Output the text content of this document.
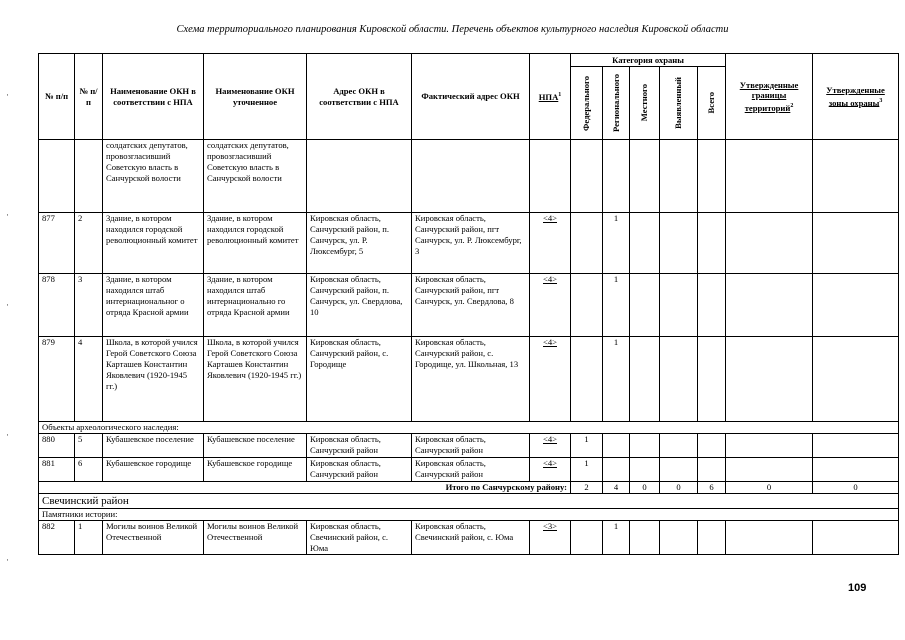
Схема территориального планирования Кировской области. Перечень объектов культурного наследия Кировской области
·
·
·
·
·
№ п/п	№ п/п	Наименование ОКН в соответствии с НПА	Наименование ОКН уточненное	Адрес ОКН в соответствии с НПА	Фактический адрес ОКН	НПА$^1$	Категория охраны					Утвержденные границы территорий$^2$	Утвержденные зоны охраны$^3$

							Федерального	Регионального	Местного	Выявленный	Всего		

		солдатских депутатов, провозгласивший Советскую власть в Санчурской волости	солдатских депутатов, провозгласивший Советскую власть в Санчурской волости										
877	2	Здание, в котором находился городской революционный комитет	Здание, в котором находился городской революционный комитет	Кировская область, Санчурский район, п. Санчурск, ул. Р. Люксембург, 5	Кировская область, Санчурский район, пгт Санчурск, ул. Р. Люксембург, 3	<4>		1					
878	3	Здание, в котором находился штаб интернациональног о отряда Красной армии	Здание, в котором находился штаб интернационально го отряда Красной армии	Кировская область, Санчурский район, п. Санчурск, ул. Свердлова, 10	Кировская область, Санчурский район, пгт Санчурск, ул. Свердлова, 8	<4>		1					
879	4	Школа, в которой учился Герой Советского Союза Карташев Константин Яковлевич (1920-1945 гг.)	Школа, в которой учился Герой Советского Союза Карташев Константин Яковлевич (1920-1945 гг.)	Кировская область, Санчурский район, с. Городище	Кировская область, Санчурский район, с. Городище, ул. Школьная, 13	<4>		1					
Объекты археологического наследия:													
880	5	Кубашевское поселение	Кубашевское поселение	Кировская область, Санчурский район	Кировская область, Санчурский район	<4>	1						
881	6	Кубашевское городище	Кубашевское городище	Кировская область, Санчурский район	Кировская область, Санчурский район	<4>	1						
Итого по Санчурскому району:							2	4	0	0	6	0	0
Свечинский район													
Памятники истории:													
882	1	Могилы воинов Великой Отечественной	Могилы воинов Великой Отечественной	Кировская область, Свечинский район, с. Юма	Кировская область, Свечинский район, с. Юма	<3>		1					
109
